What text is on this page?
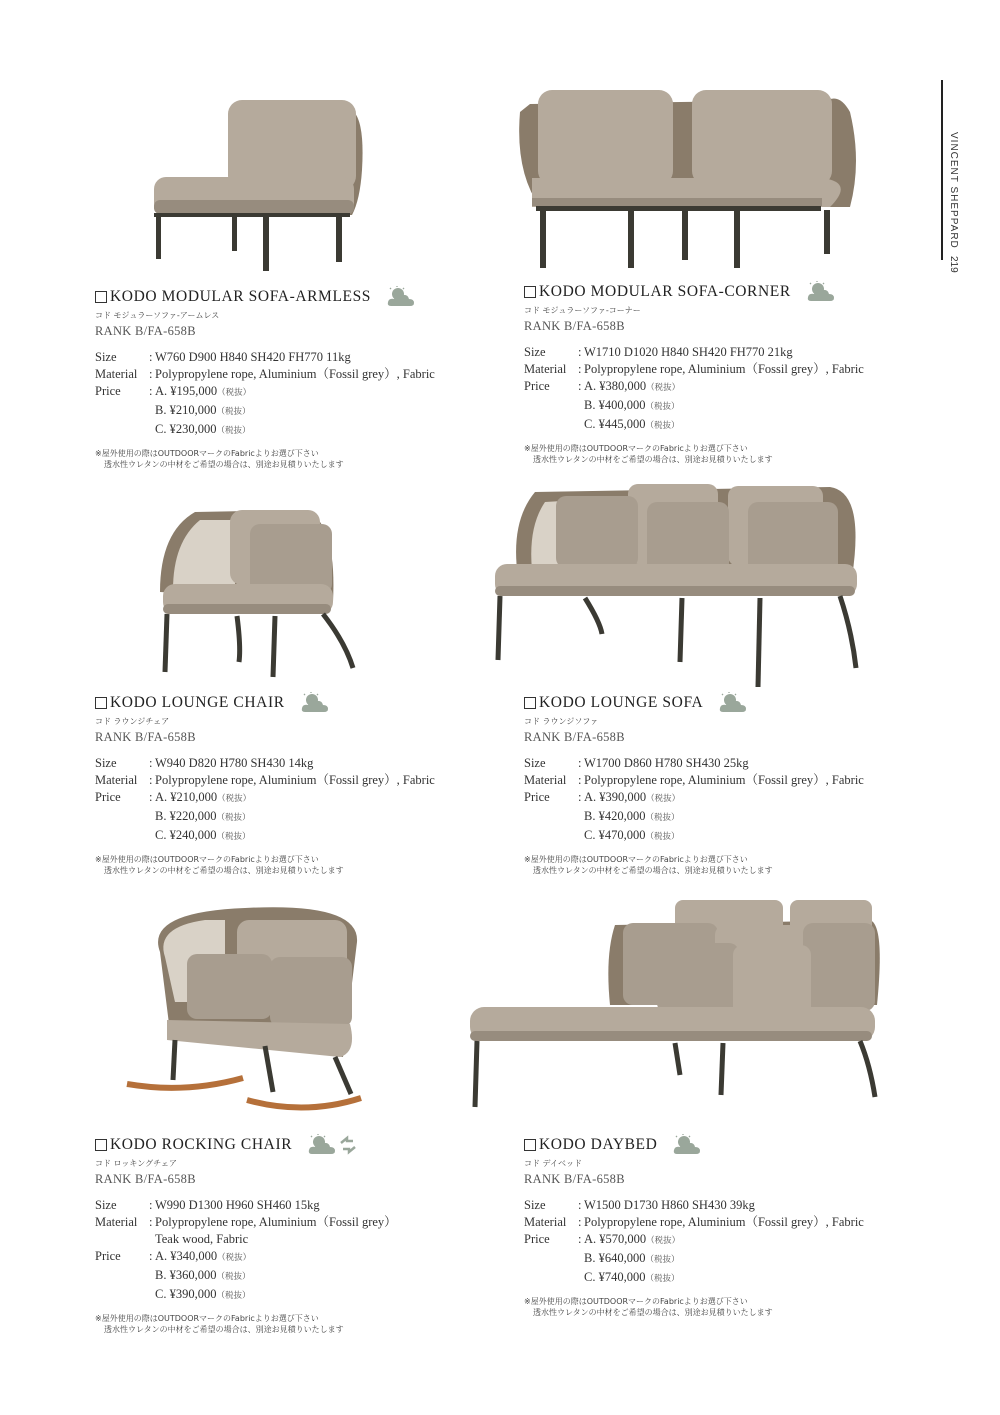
VINCENT SHEPPARD
219
KODO MODULAR SOFA-ARMLESS
コド モジュラーソファ-アームレス
RANK B/FA-658B
Size	: W760 D900 H840 SH420 FH770 11kg
Material : Polypropylene rope, Aluminium（Fossil grey）, Fabric
Price	: A. ¥195,000（税抜）
B. ¥210,000（税抜）
C. ¥230,000（税抜）
※屋外使用の際はOUTDOORマークのFabricよりお選び下さい
透水性ウレタンの中材をご希望の場合は、別途お見積りいたします
KODO MODULAR SOFA-CORNER
コド モジュラーソファ-コーナー
RANK B/FA-658B
Size	: W1710 D1020 H840 SH420 FH770 21kg
Material : Polypropylene rope, Aluminium（Fossil grey）, Fabric
Price	: A. ¥380,000（税抜）
B. ¥400,000（税抜）
C. ¥445,000（税抜）
※屋外使用の際はOUTDOORマークのFabricよりお選び下さい
透水性ウレタンの中材をご希望の場合は、別途お見積りいたします
KODO LOUNGE CHAIR
コド ラウンジチェア
RANK B/FA-658B
Size	: W940 D820 H780 SH430 14kg
Material : Polypropylene rope, Aluminium（Fossil grey）, Fabric
Price	: A. ¥210,000（税抜）
B. ¥220,000（税抜）
C. ¥240,000（税抜）
※屋外使用の際はOUTDOORマークのFabricよりお選び下さい
透水性ウレタンの中材をご希望の場合は、別途お見積りいたします
KODO LOUNGE SOFA
コド ラウンジソファ
RANK B/FA-658B
Size	: W1700 D860 H780 SH430 25kg
Material : Polypropylene rope, Aluminium（Fossil grey）, Fabric
Price	: A. ¥390,000（税抜）
B. ¥420,000（税抜）
C. ¥470,000（税抜）
※屋外使用の際はOUTDOORマークのFabricよりお選び下さい
透水性ウレタンの中材をご希望の場合は、別途お見積りいたします
KODO ROCKING CHAIR
コド ロッキングチェア
RANK B/FA-658B
Size	: W990 D1300 H960 SH460 15kg
Material : Polypropylene rope, Aluminium（Fossil grey）
Teak wood, Fabric
Price	: A. ¥340,000（税抜）
B. ¥360,000（税抜）
C. ¥390,000（税抜）
※屋外使用の際はOUTDOORマークのFabricよりお選び下さい
透水性ウレタンの中材をご希望の場合は、別途お見積りいたします
KODO DAYBED
コド デイベッド
RANK B/FA-658B
Size	: W1500 D1730 H860 SH430 39kg
Material : Polypropylene rope, Aluminium（Fossil grey）, Fabric
Price	: A. ¥570,000（税抜）
B. ¥640,000（税抜）
C. ¥740,000（税抜）
※屋外使用の際はOUTDOORマークのFabricよりお選び下さい
透水性ウレタンの中材をご希望の場合は、別途お見積りいたします
